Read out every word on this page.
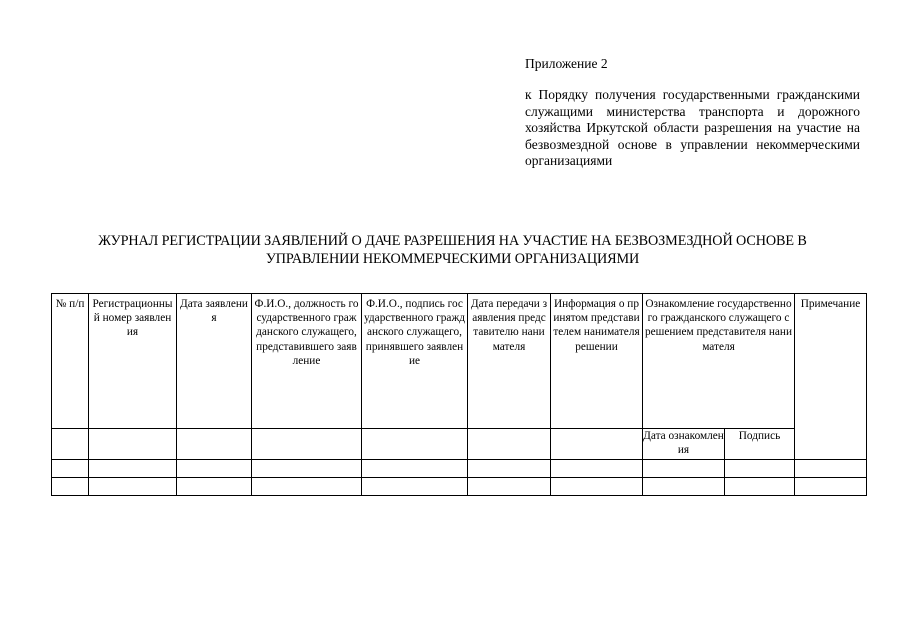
Приложение 2
к Порядку получения государственными гражданскими служащими министерства транспорта и дорожного хозяйства Иркутской области разрешения на участие на безвозмездной основе в управлении некоммерческими организациями
ЖУРНАЛ РЕГИСТРАЦИИ ЗАЯВЛЕНИЙ О ДАЧЕ РАЗРЕШЕНИЯ НА УЧАСТИЕ НА БЕЗВОЗМЕЗДНОЙ ОСНОВЕ В
УПРАВЛЕНИИ НЕКОММЕРЧЕСКИМИ ОРГАНИЗАЦИЯМИ
№ п/п	Регистрационный номер заявления	Дата заявления	Ф.И.О., должность государственного гражданского служащего, представившего заявление	Ф.И.О., подпись государственного гражданского служащего, принявшего заявление	Дата передачи заявления представителю нанимателя	Информация о принятом представителем нанимателя решении	Ознакомление государственного гражданского служащего с решением представителя нанимателя		Примечание
							Дата ознакомления	Подпись	
